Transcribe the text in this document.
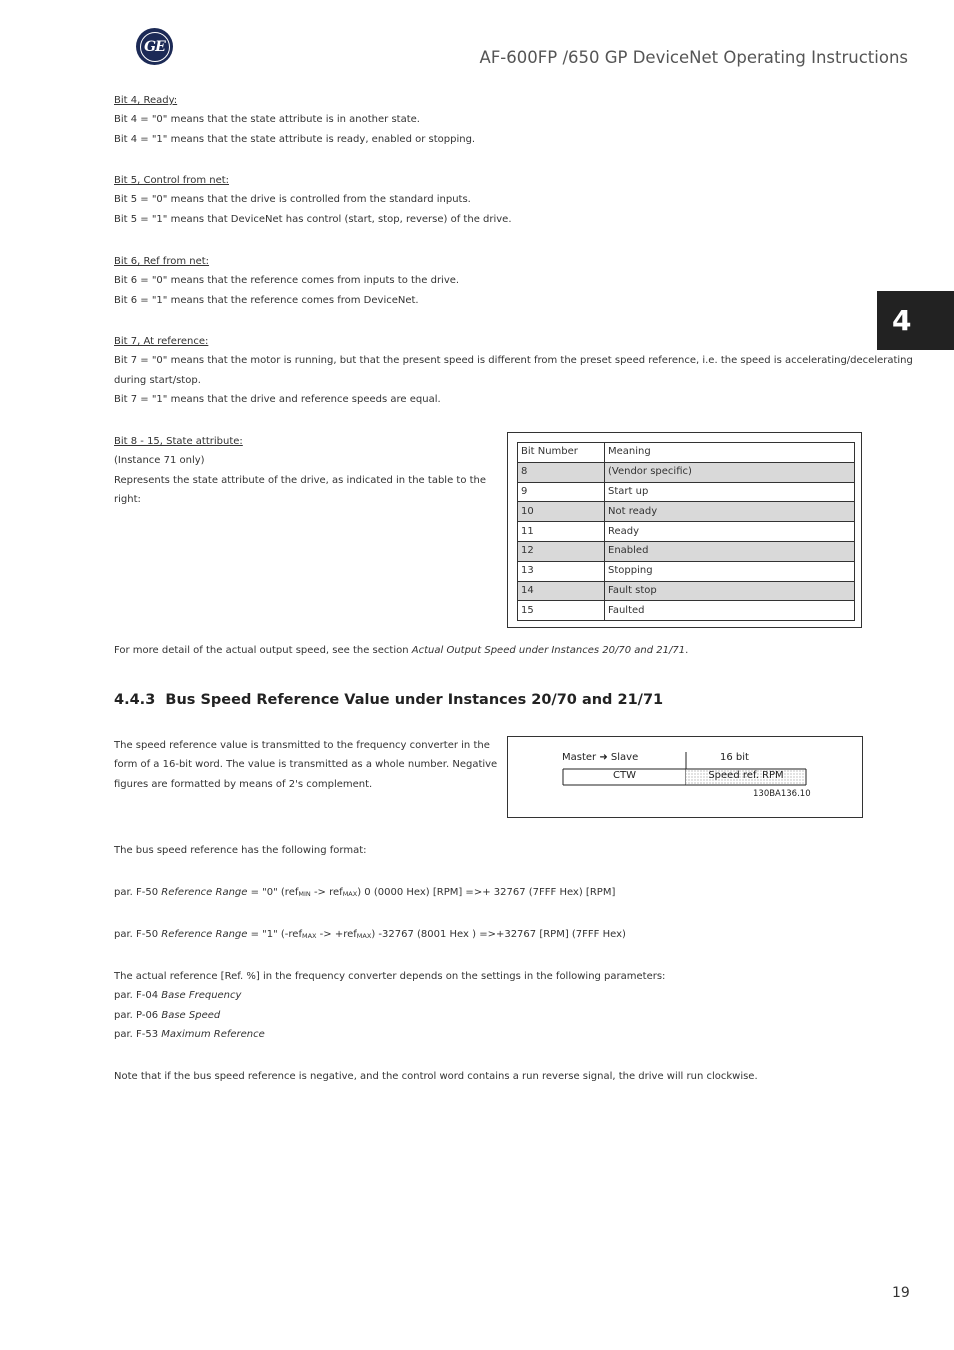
GE
AF-600FP /650 GP DeviceNet Operating Instructions
4
Bit 4, Ready:
Bit 4 = "0" means that the state attribute is in another state.
Bit 4 = "1" means that the state attribute is ready, enabled or stopping.
Bit 5, Control from net:
Bit 5 = "0" means that the drive is controlled from the standard inputs.
Bit 5 = "1" means that DeviceNet has control (start, stop, reverse) of the drive.
Bit 6, Ref from net:
Bit 6 = "0" means that the reference comes from inputs to the drive.
Bit 6 = "1" means that the reference comes from DeviceNet.
Bit 7, At reference:
Bit 7 = "0" means that the motor is running, but that the present speed is different from the preset speed reference, i.e. the speed is accelerating/decelerating
during start/stop.
Bit 7 = "1" means that the drive and reference speeds are equal.
Bit 8 - 15, State attribute:
(Instance 71 only)
Represents the state attribute of the drive, as indicated in the table to the
right:
Bit Number	Meaning
8	(Vendor specific)
9	Start up
10	Not ready
11	Ready
12	Enabled
13	Stopping
14	Fault stop
15	Faulted
For more detail of the actual output speed, see the section Actual Output Speed under Instances 20/70 and 21/71.
4.4.3 Bus Speed Reference Value under Instances 20/70 and 21/71
The speed reference value is transmitted to the frequency converter in the
form of a 16-bit word. The value is transmitted as a whole number. Negative
figures are formatted by means of 2's complement.
Master ➜ Slave	16 bit
CTW	Speed ref. RPM
130BA136.10
The bus speed reference has the following format:
par. F-50 Reference Range = "0" (ref$_{MIN}$ -> ref$_{MAX}$) 0 (0000 Hex) [RPM] =>+ 32767 (7FFF Hex) [RPM]
par. F-50 Reference Range = "1" (-ref$_{MAX}$ -> +ref$_{MAX}$) -32767 (8001 Hex ) =>+32767 [RPM] (7FFF Hex)
The actual reference [Ref. %] in the frequency converter depends on the settings in the following parameters:
par. F-04 Base Frequency
par. P-06 Base Speed
par. F-53 Maximum Reference
Note that if the bus speed reference is negative, and the control word contains a run reverse signal, the drive will run clockwise.
19
